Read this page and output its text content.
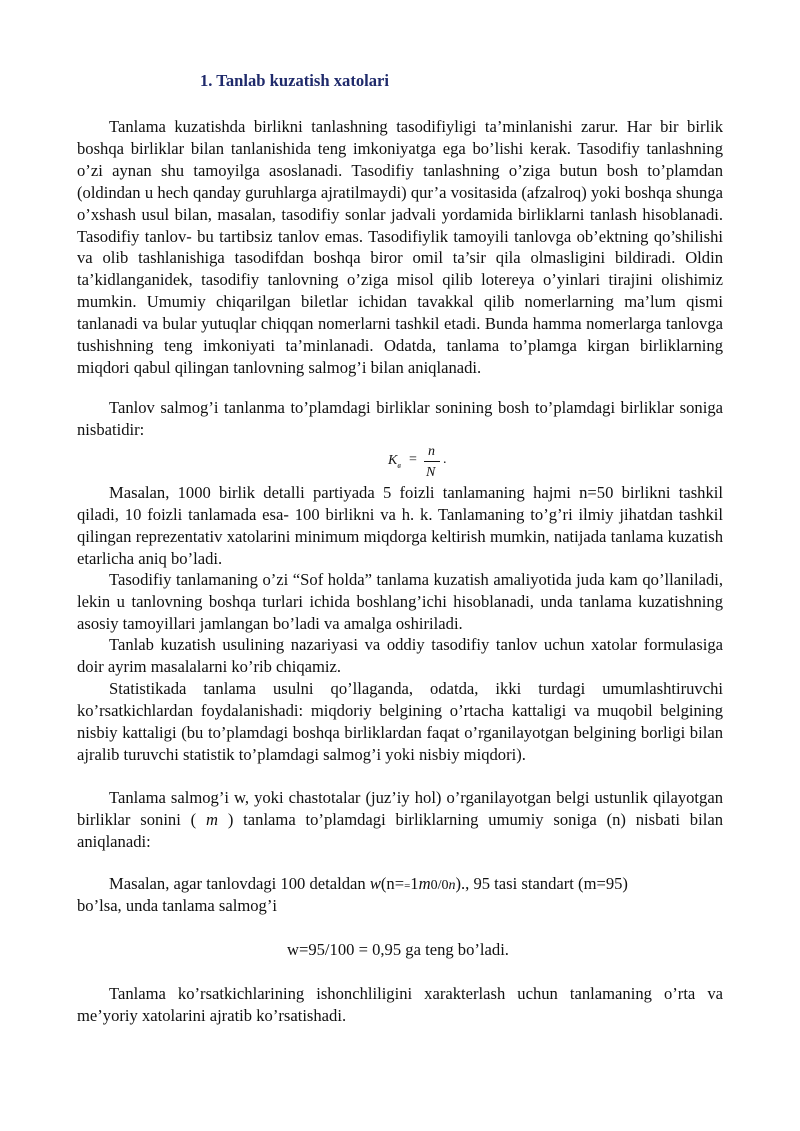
1. Tanlab kuzatish xatolari

Tanlama kuzatishda birlikni tanlashning tasodifiyligi ta’minlanishi zarur. Har bir birlik boshqa birliklar bilan tanlanishida teng imkoniyatga ega bo’lishi kerak. Tasodifiy tanlashning o’zi aynan shu tamoyilga asoslanadi. Tasodifiy tanlashning o’ziga butun bosh to’plamdan (oldindan u hech qanday guruhlarga ajratilmaydi) qur’a vositasida (afzalroq) yoki boshqa shunga o’xshash usul bilan, masalan, tasodifiy sonlar jadvali yordamida birliklarni tanlash hisoblanadi. Tasodifiy tanlov- bu tartibsiz tanlov emas. Tasodifiylik tamoyili tanlovga ob’ektning qo’shilishi va olib tashlanishiga tasodifdan boshqa biror omil ta’sir qila olmasligini bildiradi. Oldin ta’kidlanganidek, tasodifiy tanlovning o’ziga misol qilib lotereya o’yinlari tirajini olishimiz mumkin. Umumiy chiqarilgan biletlar ichidan tavakkal qilib nomerlarning ma’lum qismi tanlanadi va bular yutuqlar chiqqan nomerlarni tashkil etadi. Bunda hamma nomerlarga tanlovga tushishning teng imkoniyati ta’minlanadi. Odatda, tanlama to’plamga kirgan birliklarning miqdori qabul qilingan tanlovning salmog’i bilan aniqlanadi.

Tanlov salmog’i tanlanma to’plamdagi birliklar sonining bosh to’plamdagi birliklar soniga nisbatidir:

$K_в$ =
n
N
.

Masalan, 1000 birlik detalli partiyada 5 foizli tanlamaning hajmi n=50 birlikni tashkil qiladi, 10 foizli tanlamada esa- 100 birlikni va h. k. Tanlamaning to’g’ri ilmiy jihatdan tashkil qilingan reprezentativ xatolarini minimum miqdorga keltirish mumkin, natijada tanlama kuzatish etarlicha aniq bo’ladi.

Tasodifiy tanlamaning o’zi “Sof holda” tanlama kuzatish amaliyotida juda kam qo’llaniladi, lekin u tanlovning boshqa turlari ichida boshlang’ichi hisoblanadi, unda tanlama kuzatishning asosiy tamoyillari jamlangan bo’ladi va amalga oshiriladi.

Tanlab kuzatish usulining nazariyasi va oddiy tasodifiy tanlov uchun xatolar formulasiga doir ayrim masalalarni ko’rib chiqamiz.

Statistikada tanlama usulni qo’llaganda, odatda, ikki turdagi umumlashtiruvchi ko’rsatkichlardan foydalanishadi: miqdoriy belgining o’rtacha kattaligi va muqobil belgining nisbiy kattaligi (bu to’plamdagi boshqa birliklardan faqat o’rganilayotgan belgining borligi bilan ajralib turuvchi statistik to’plamdagi salmog’i yoki nisbiy miqdori).

Tanlama salmog’i w, yoki chastotalar (juz’iy hol) o’rganilayotgan belgi ustunlik qilayotgan birliklar sonini ( m ) tanlama to’plamdagi birliklarning umumiy soniga (n) nisbati bilan aniqlanadi:

Masalan, agar tanlovdagi 100 detaldan w(n==1m0/0n)., 95 tasi standart (m=95)
bo’lsa, unda tanlama salmog’i
w=95/100 = 0,95 ga teng bo’ladi.

Tanlama ko’rsatkichlarining ishonchliligini xarakterlash uchun tanlamaning o’rta va me’yoriy xatolarini ajratib ko’rsatishadi.
